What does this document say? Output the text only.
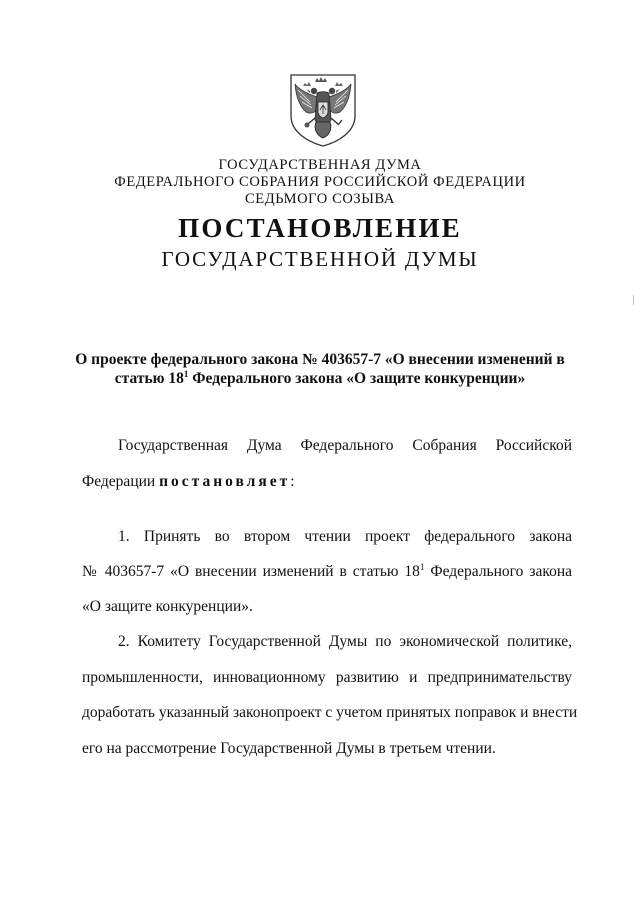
ГОСУДАРСТВЕННАЯ ДУМА
ФЕДЕРАЛЬНОГО СОБРАНИЯ РОССИЙСКОЙ ФЕДЕРАЦИИ
СЕДЬМОГО СОЗЫВА
ПОСТАНОВЛЕНИЕ
ГОСУДАРСТВЕННОЙ ДУМЫ
О проекте федерального закона № 403657-7 «О внесении изменений в
статью $18^1$ Федерального закона «О защите конкуренции»
Государственная Дума Федерального Собрания Российской
Федерации постановляет:
1. Принять во втором чтении проект федерального закона
№ 403657-7 «О внесении изменений в статью $18^1$ Федерального закона
«О защите конкуренции».
2. Комитету Государственной Думы по экономической политике,
промышленности, инновационному развитию и предпринимательству
доработать указанный законопроект с учетом принятых поправок и внести
его на рассмотрение Государственной Думы в третьем чтении.
